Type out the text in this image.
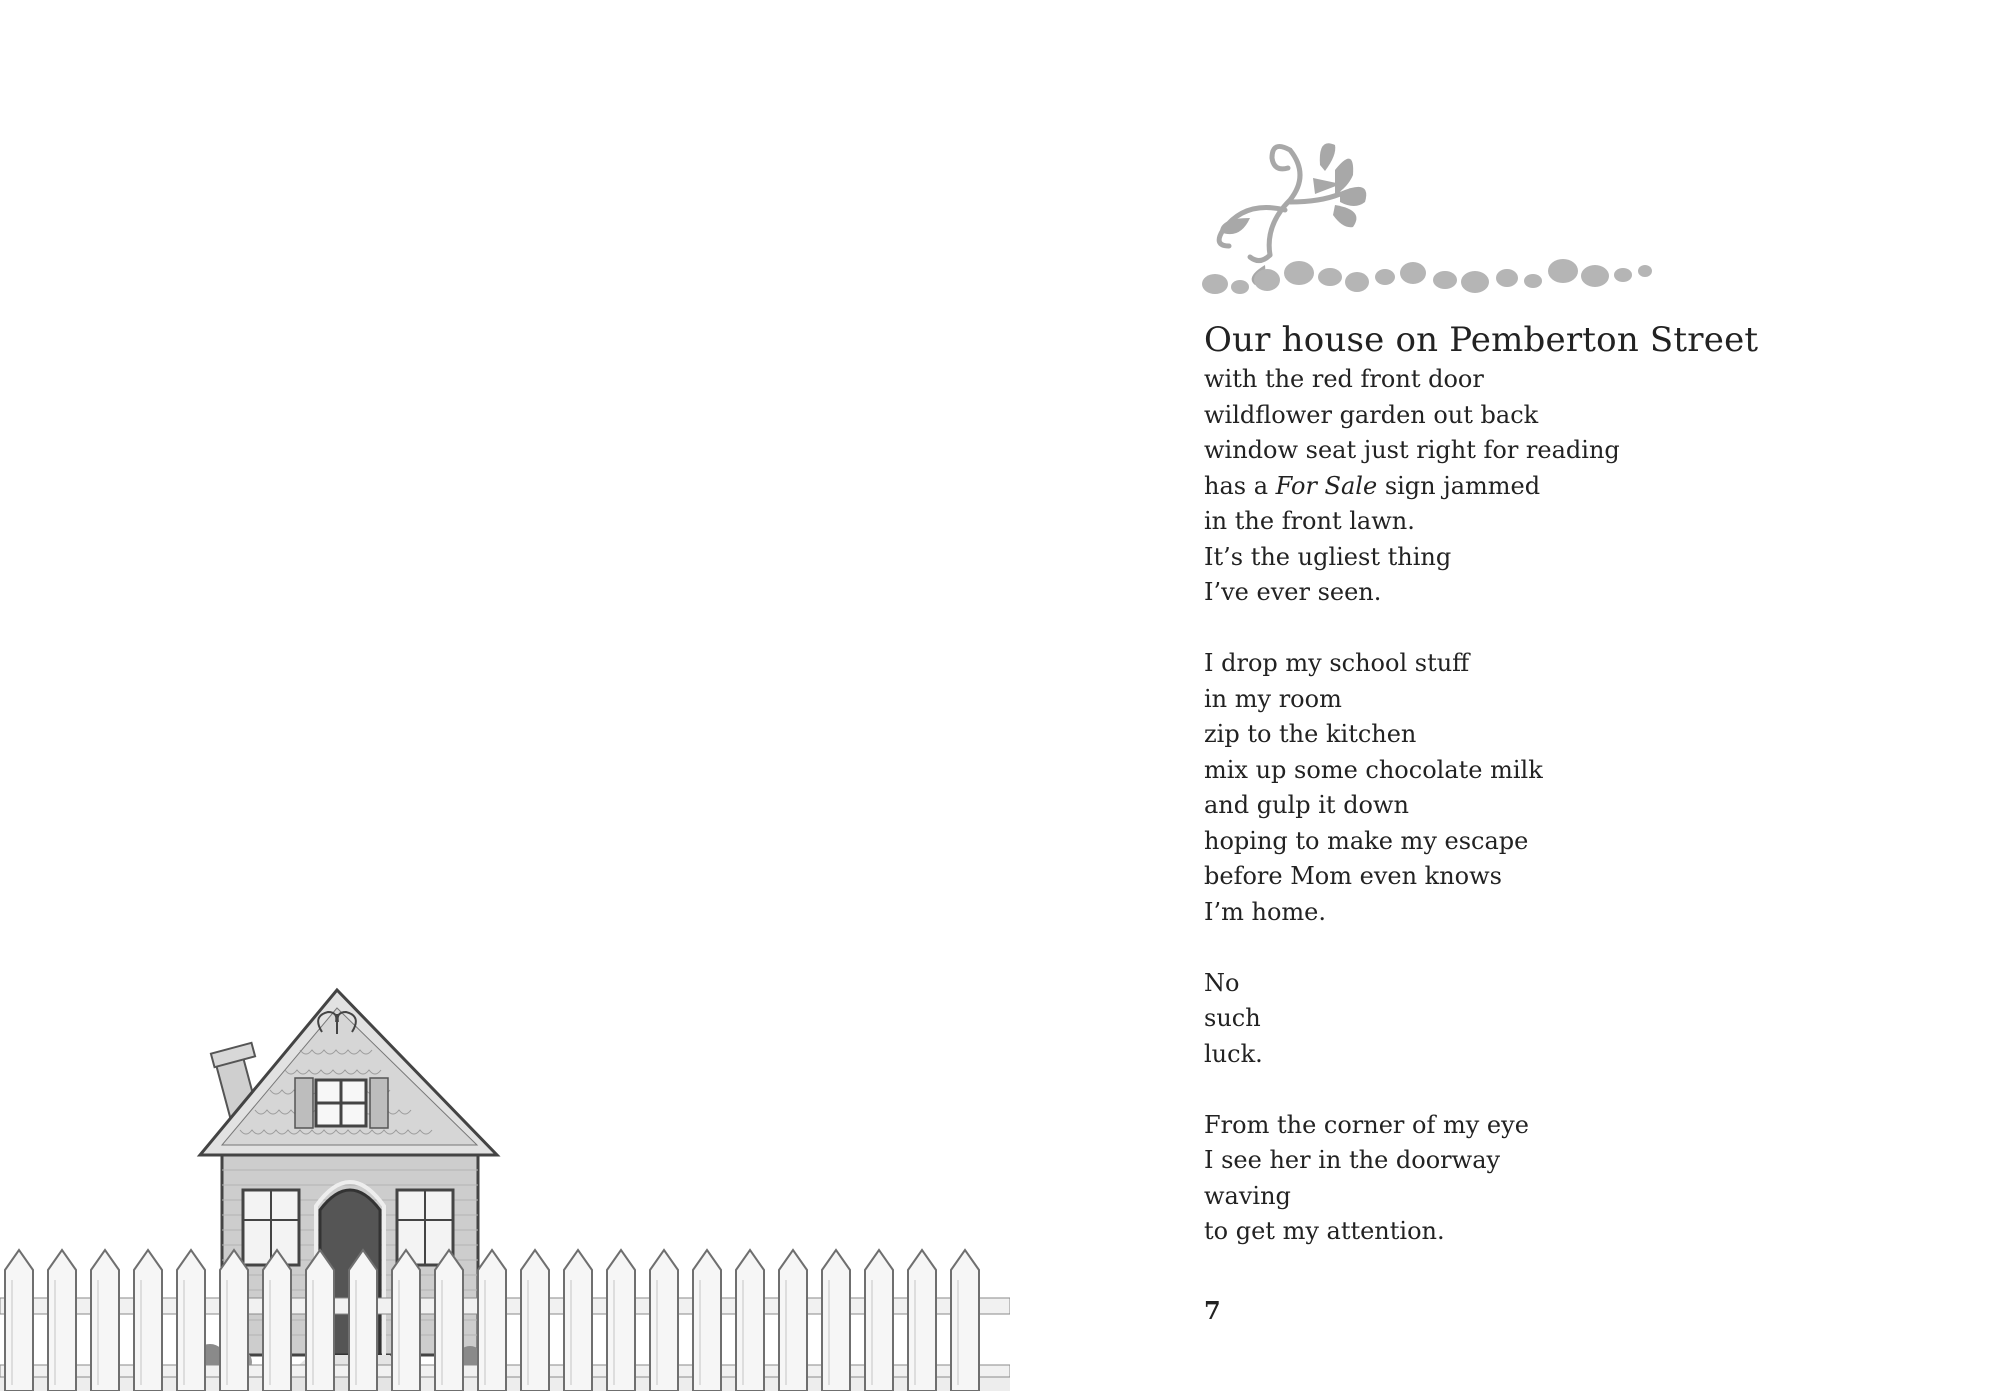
Our house on Pemberton Street
with the red front door
wildflower garden out back
window seat just right for reading
has a For Sale sign jammed
in the front lawn.
It’s the ugliest thing
I’ve ever seen.
I drop my school stuff
in my room
zip to the kitchen
mix up some chocolate milk
and gulp it down
hoping to make my escape
before Mom even knows
I’m home.
No
such
luck.
From the corner of my eye
I see her in the doorway
waving
to get my attention.
7
